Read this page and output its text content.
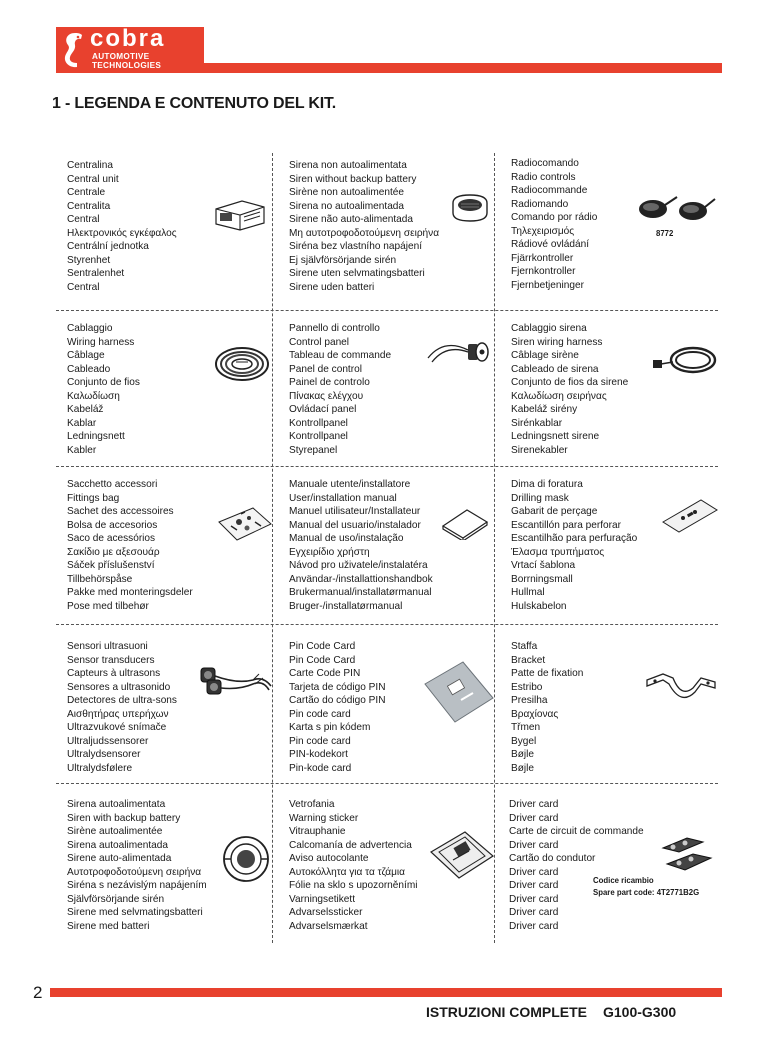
cobra
AUTOMOTIVE
TECHNOLOGIES
1 - LEGENDA E CONTENUTO DEL KIT.
Centralina
Central unit
Centrale
Centralita
Central
Ηλεκτρονικός εγκέφαλος
Centrální jednotka
Styrenhet
Sentralenhet
Central
Sirena non autoalimentata
Siren without backup battery
Sirène non autoalimentée
Sirena no autoalimentada
Sirene não auto-alimentada
Μη αυτοτροφοδοτούμενη σειρήνα
Siréna bez vlastního napájení
Ej självförsörjande sirén
Sirene uten selvmatingsbatteri
Sirene uden batteri
Radiocomando
Radio controls
Radiocommande
Radiomando
Comando por rádio
Τηλεχειρισμός
Rádiové ovládání
Fjärrkontroller
Fjernkontroller
Fjernbetjeninger
8772
Cablaggio
Wiring harness
Câblage
Cableado
Conjunto de fios
Καλωδίωση
Kabeláž
Kablar
Ledningsnett
Kabler
Pannello di controllo
Control panel
Tableau de commande
Panel de control
Painel de controlo
Πίνακας ελέγχου
Ovládací panel
Kontrollpanel
Kontrollpanel
Styrepanel
Cablaggio sirena
Siren wiring harness
Câblage sirène
Cableado de sirena
Conjunto de fios da sirene
Καλωδίωση σειρήνας
Kabeláž sirény
Sirénkablar
Ledningsnett sirene
Sirenekabler
Sacchetto accessori
Fittings bag
Sachet des accessoires
Bolsa de accesorios
Saco de acessórios
Σακίδιο με αξεσουάρ
Sáček příslušenství
Tillbehörspåse
Pakke med monteringsdeler
Pose med tilbehør
Manuale utente/installatore
User/installation manual
Manuel utilisateur/Installateur
Manual del usuario/instalador
Manual de uso/instalação
Εγχειρίδιο χρήστη
Návod pro uživatele/instalatéra
Användar-/installattionshandbok
Brukermanual/installatørmanual
Bruger-/installatørmanual
Dima di foratura
Drilling mask
Gabarit de perçage
Escantillón para perforar
Escantilhão para perfuração
Έλασμα τρυπήματος
Vrtací šablona
Borrningsmall
Hullmal
Hulskabelon
Sensori ultrasuoni
Sensor transducers
Capteurs à ultrasons
Sensores a ultrasonido
Detectores de ultra-sons
Αισθητήρας υπερήχων
Ultrazvukové snímače
Ultraljudssensorer
Ultralydsensorer
Ultralydsfølere
Pin Code Card
Pin Code Card
Carte Code PIN
Tarjeta de código PIN
Cartão do código PIN
Pin code card
Karta s pin kódem
Pin code card
PIN-kodekort
Pin-kode card
Staffa
Bracket
Patte de fixation
Estribo
Presilha
Βραχίονας
Třmen
Bygel
Bøjle
Bøjle
Sirena autoalimentata
Siren with backup battery
Sirène autoalimentée
Sirena autoalimentada
Sirene auto-alimentada
Αυτοτροφοδοτούμενη σειρήνα
Siréna s nezávislým napájením
Självförsörjande sirén
Sirene med selvmatingsbatteri
Sirene med batteri
Vetrofania
Warning sticker
Vitrauphanie
Calcomanía de advertencia
Aviso autocolante
Αυτοκόλλητα για τα τζάμια
Fólie na sklo s upozorněními
Varningsetikett
Advarselssticker
Advarselsmærkat
Driver card
Driver card
Carte de circuit de commande
Driver card
Cartão do condutor
Driver card
Driver card
Driver card
Driver card
Driver card
Codice ricambio
Spare part code: 4T2771B2G
2
ISTRUZIONI COMPLETE G100-G300
